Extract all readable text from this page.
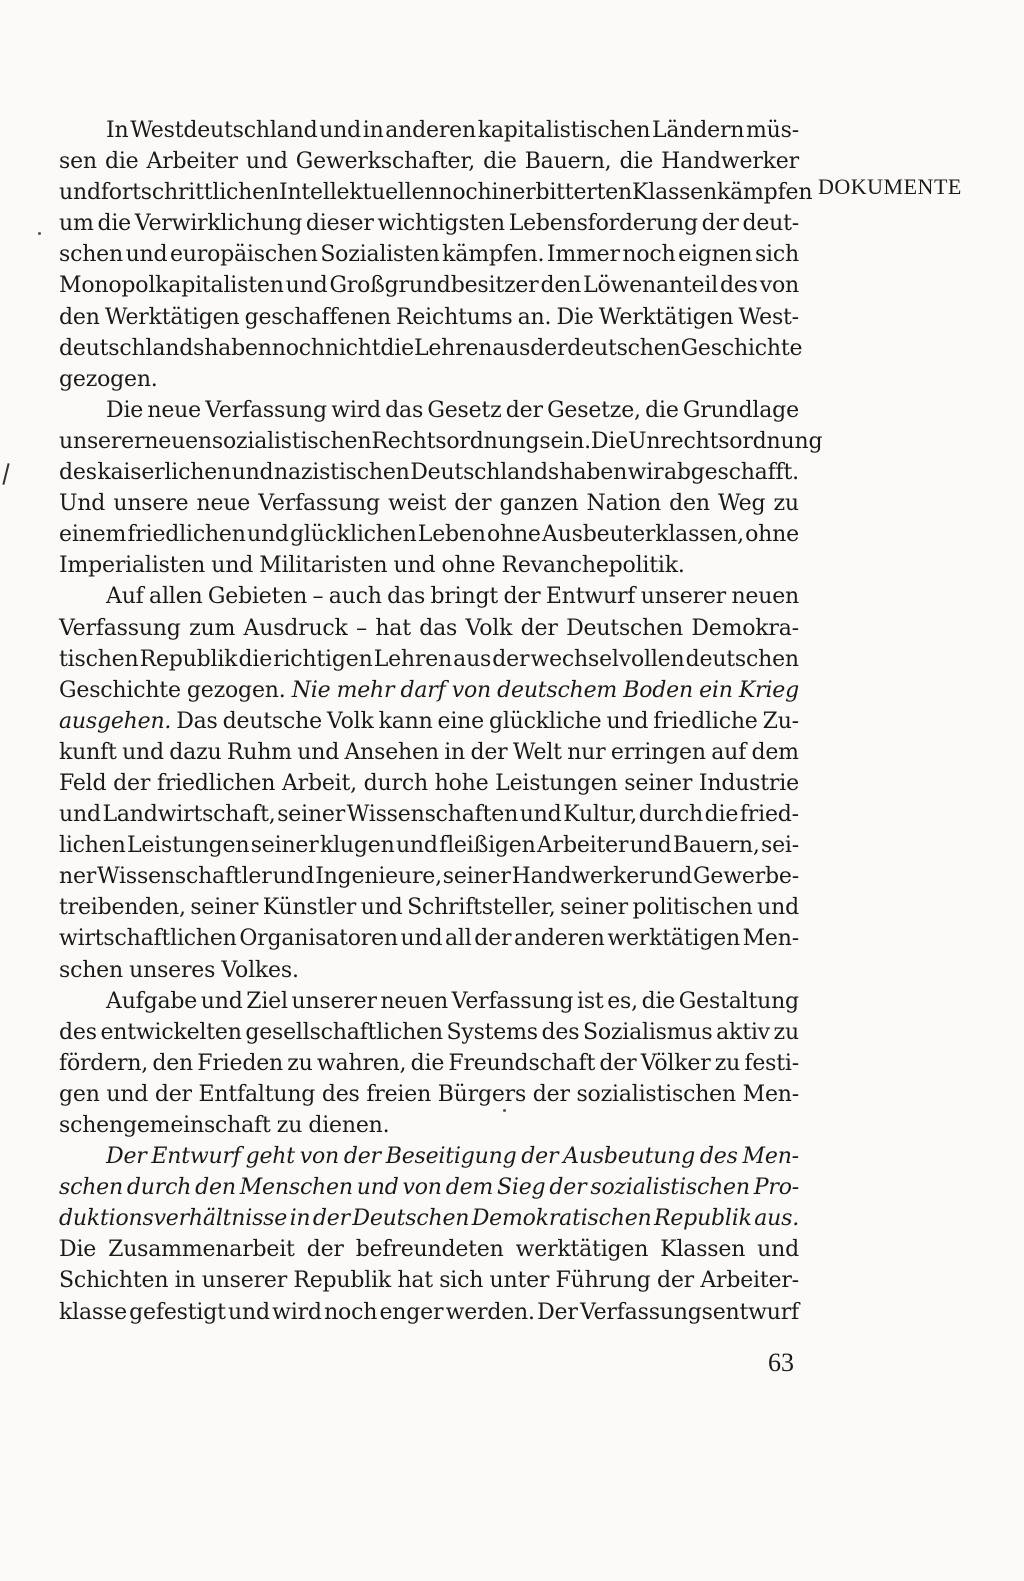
In Westdeutschland und in anderen kapitalistischen Ländern müs-
sen die Arbeiter und Gewerkschafter, die Bauern, die Handwerker
und fortschrittlichen Intellektuellen noch in erbitterten Klassenkämpfen
um die Verwirklichung dieser wichtigsten Lebensforderung der deut-
schen und europäischen Sozialisten kämpfen. Immer noch eignen sich
Monopolkapitalisten und Großgrundbesitzer den Löwenanteil des von
den Werktätigen geschaffenen Reichtums an. Die Werktätigen West-
deutschlands haben noch nicht die Lehren aus der deutschen Geschichte
gezogen.
Die neue Verfassung wird das Gesetz der Gesetze, die Grundlage
unserer neuen sozialistischen Rechtsordnung sein. Die Unrechtsordnung
des kaiserlichen und nazistischen Deutschlands haben wir abgeschafft.
Und unsere neue Verfassung weist der ganzen Nation den Weg zu
einem friedlichen und glücklichen Leben ohne Ausbeuterklassen, ohne
Imperialisten und Militaristen und ohne Revanchepolitik.
Auf allen Gebieten – auch das bringt der Entwurf unserer neuen
Verfassung zum Ausdruck – hat das Volk der Deutschen Demokra-
tischen Republik die richtigen Lehren aus der wechselvollen deutschen
Geschichte gezogen. Nie mehr darf von deutschem Boden ein Krieg
ausgehen. Das deutsche Volk kann eine glückliche und friedliche Zu-
kunft und dazu Ruhm und Ansehen in der Welt nur erringen auf dem
Feld der friedlichen Arbeit, durch hohe Leistungen seiner Industrie
und Landwirtschaft, seiner Wissenschaften und Kultur, durch die fried-
lichen Leistungen seiner klugen und fleißigen Arbeiter und Bauern, sei-
ner Wissenschaftler und Ingenieure, seiner Handwerker und Gewerbe-
treibenden, seiner Künstler und Schriftsteller, seiner politischen und
wirtschaftlichen Organisatoren und all der anderen werktätigen Men-
schen unseres Volkes.
Aufgabe und Ziel unserer neuen Verfassung ist es, die Gestaltung
des entwickelten gesellschaftlichen Systems des Sozialismus aktiv zu
fördern, den Frieden zu wahren, die Freundschaft der Völker zu festi-
gen und der Entfaltung des freien Bürgers der sozialistischen Men-
schengemeinschaft zu dienen.
Der Entwurf geht von der Beseitigung der Ausbeutung des Men-
schen durch den Menschen und von dem Sieg der sozialistischen Pro-
duktionsverhältnisse in der Deutschen Demokratischen Republik aus.
Die Zusammenarbeit der befreundeten werktätigen Klassen und
Schichten in unserer Republik hat sich unter Führung der Arbeiter-
klasse gefestigt und wird noch enger werden. Der Verfassungsentwurf
DOKUMENTE
63
